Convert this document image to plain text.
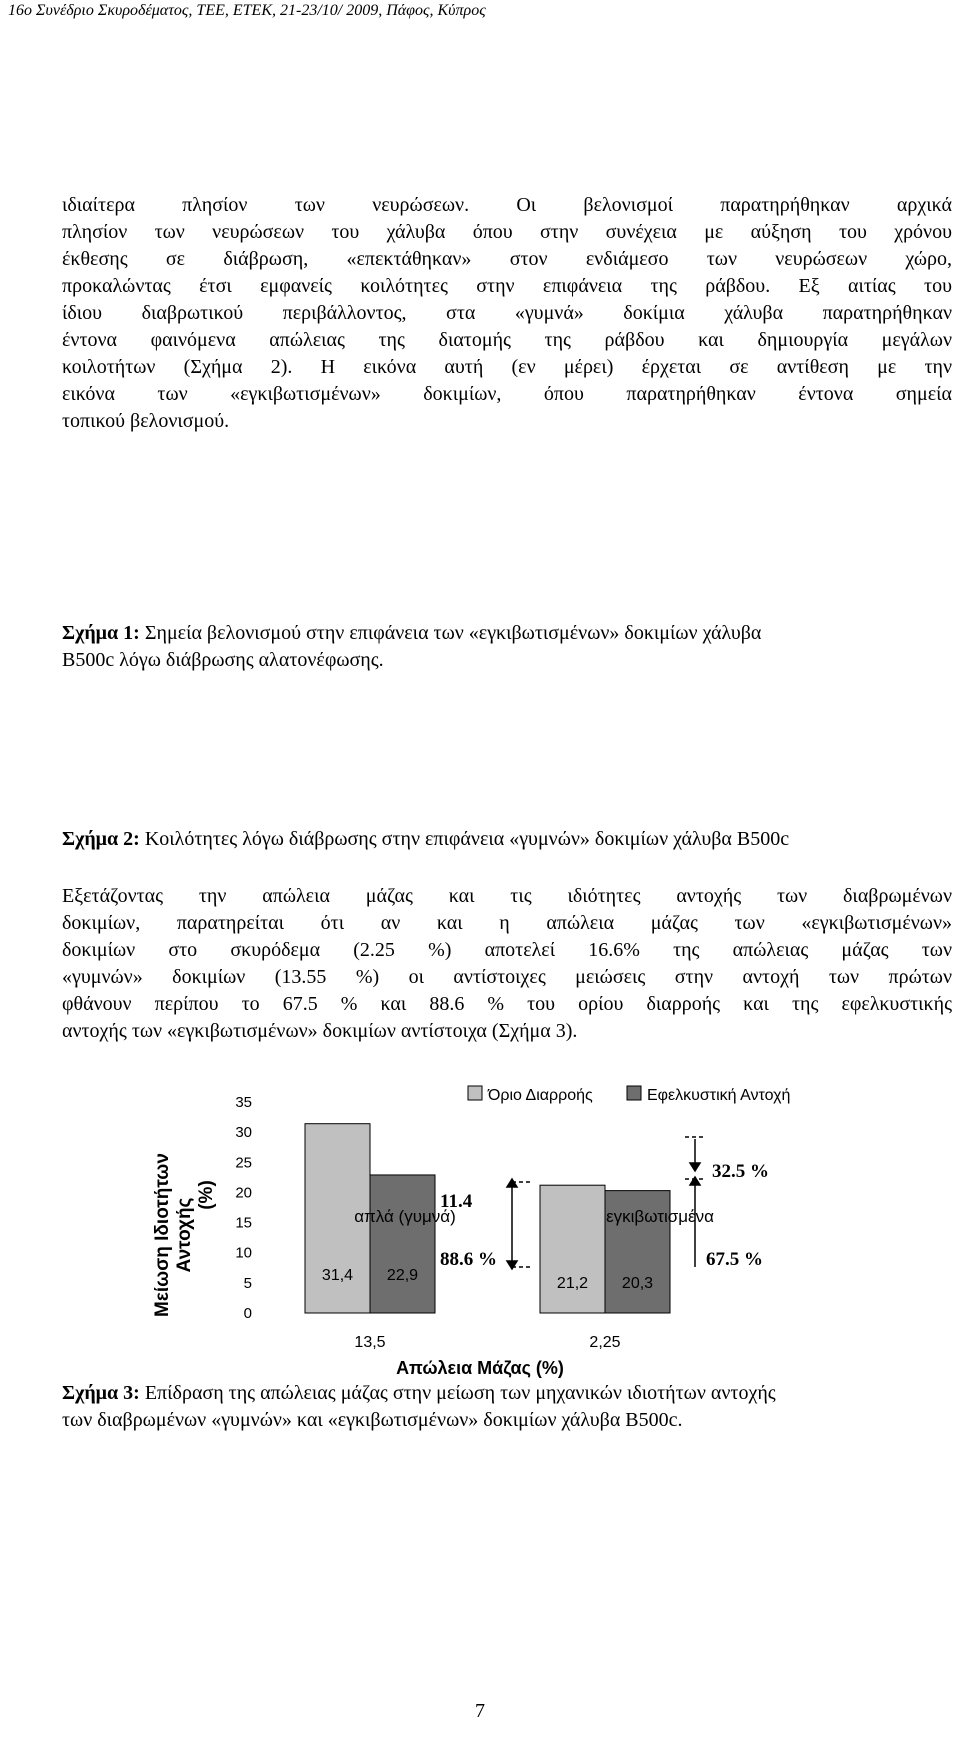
16ο Συνέδριο Σκυροδέματος, ΤΕΕ, ΕΤΕΚ, 21-23/10/ 2009, Πάφος, Κύπρος

ιδιαίτερα πλησίον των νευρώσεων. Οι βελονισμοί παρατηρήθηκαν αρχικά
πλησίον των νευρώσεων του χάλυβα όπου στην συνέχεια με αύξηση του χρόνου
έκθεσης σε διάβρωση, «επεκτάθηκαν» στον ενδιάμεσο των νευρώσεων χώρο,
προκαλώντας έτσι εμφανείς κοιλότητες στην επιφάνεια της ράβδου. Εξ αιτίας του
ίδιου διαβρωτικού περιβάλλοντος, στα «γυμνά» δοκίμια χάλυβα παρατηρήθηκαν
έντονα φαινόμενα απώλειας της διατομής της ράβδου και δημιουργία μεγάλων
κοιλοτήτων (Σχήμα 2). Η εικόνα αυτή (εν μέρει) έρχεται σε αντίθεση με την
εικόνα των «εγκιβωτισμένων» δοκιμίων, όπου παρατηρήθηκαν έντονα σημεία
τοπικού βελονισμού.

Σχήμα 1: Σημεία βελονισμού στην επιφάνεια των «εγκιβωτισμένων» δοκιμίων χάλυβα
B500c λόγω διάβρωσης αλατονέφωσης.

Σχήμα 2: Κοιλότητες λόγω διάβρωσης στην επιφάνεια «γυμνών» δοκιμίων χάλυβα B500c

Εξετάζοντας την απώλεια μάζας και τις ιδιότητες αντοχής των διαβρωμένων
δοκιμίων, παρατηρείται ότι αν και η απώλεια μάζας των «εγκιβωτισμένων»
δοκιμίων στο σκυρόδεμα (2.25 %) αποτελεί 16.6% της απώλειας μάζας των
«γυμνών» δοκιμίων (13.55 %) οι αντίστοιχες μειώσεις στην αντοχή των πρώτων
φθάνουν περίπου το 67.5 % και 88.6 % του ορίου διαρροής και της εφελκυστικής
αντοχής των «εγκιβωτισμένων» δοκιμίων αντίστοιχα (Σχήμα 3).

Μείωση Ιδιοτήτων Αντοχής
(%)
0
5
10
15
20
25
30
35
31,4	21,2
22,9	20,3
13,5	2,25
απλά (γυμνά)	εγκιβωτισμένα
Όριο Διαρροής	Εφελκυστική Αντοχή
11.4
88.6 %
32.5 %
67.5 %
Απώλεια Μάζας (%)

Σχήμα 3: Επίδραση της απώλειας μάζας στην μείωση των μηχανικών ιδιοτήτων αντοχής
των διαβρωμένων «γυμνών» και «εγκιβωτισμένων» δοκιμίων χάλυβα B500c.

7
